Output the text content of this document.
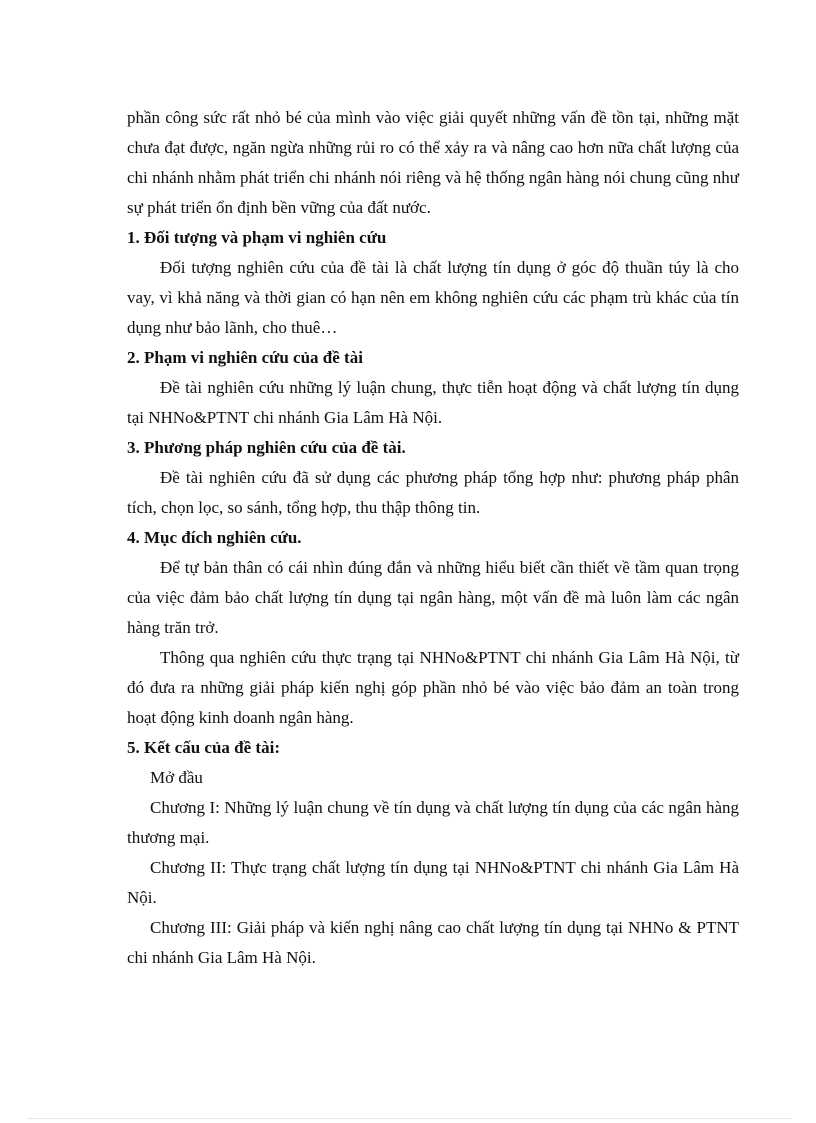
phần công sức rất nhỏ bé của mình vào việc giải quyết những vấn đề tồn tại, những mặt chưa đạt được, ngăn ngừa những rủi ro có thể xảy ra và nâng cao hơn nữa chất lượng của chi nhánh nhằm phát triển chi nhánh nói riêng và hệ thống ngân hàng nói chung cũng như sự phát triển ổn định bền vững của đất nước.

1. Đối tượng và phạm vi nghiên cứu

Đối tượng nghiên cứu của đề tài là chất lượng tín dụng ở góc độ thuần túy là cho vay, vì khả năng và thời gian có hạn nên em không nghiên cứu các phạm trù khác của tín dụng như bảo lãnh, cho thuê…

2. Phạm vi nghiên cứu của đề tài

Đề tài nghiên cứu những lý luận chung, thực tiễn hoạt động và chất lượng tín dụng tại NHNo&PTNT chi nhánh Gia Lâm Hà Nội.

3. Phương pháp nghiên cứu của đề tài.

Đề tài nghiên cứu đã sử dụng các phương pháp tổng hợp như: phương pháp phân tích, chọn lọc, so sánh, tổng hợp, thu thập thông tin.

4. Mục đích nghiên cứu.

Để tự bản thân có cái nhìn đúng đắn và những hiểu biết cần thiết về tầm quan trọng của việc đảm bảo chất lượng tín dụng tại ngân hàng, một vấn đề mà luôn làm các ngân hàng trăn trở.

Thông qua nghiên cứu thực trạng tại NHNo&PTNT chi nhánh Gia Lâm Hà Nội, từ đó đưa ra những giải pháp kiến nghị góp phần nhỏ bé vào việc bảo đảm an toàn trong hoạt động kinh doanh ngân hàng.

5. Kết cấu của đề tài:

Mở đầu

Chương I: Những lý luận chung về tín dụng và chất lượng tín dụng của các ngân hàng thương mại.

Chương II: Thực trạng chất lượng tín dụng tại NHNo&PTNT chi nhánh Gia Lâm Hà Nội.

Chương III: Giải pháp và kiến nghị nâng cao chất lượng tín dụng tại NHNo & PTNT chi nhánh Gia Lâm Hà Nội.
